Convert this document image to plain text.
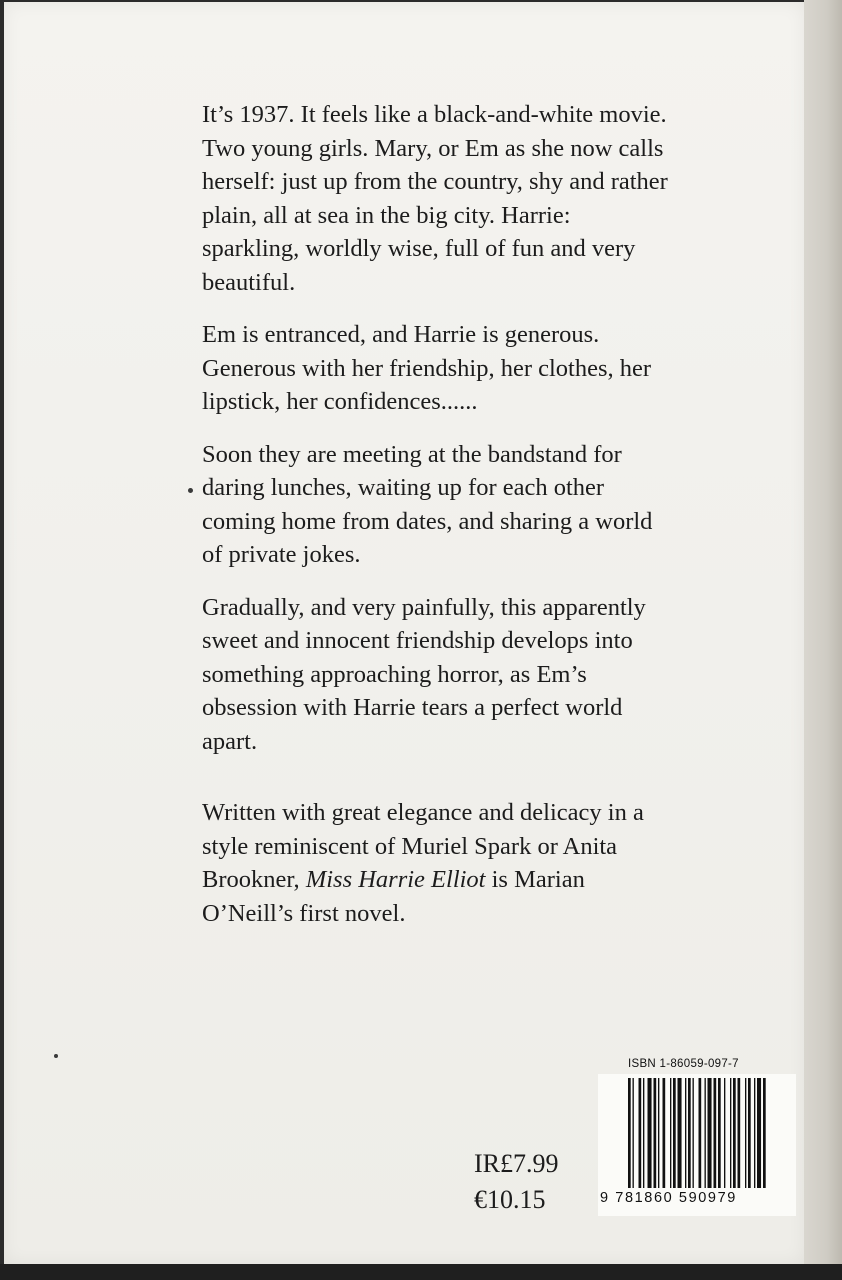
It’s 1937. It feels like a black-and-white movie. Two young girls. Mary, or Em as she now calls herself: just up from the country, shy and rather plain, all at sea in the big city. Harrie: sparkling, worldly wise, full of fun and very beautiful.

Em is entranced, and Harrie is generous. Generous with her friendship, her clothes, her lipstick, her confidences......

Soon they are meeting at the bandstand for daring lunches, waiting up for each other coming home from dates, and sharing a world of private jokes.

Gradually, and very painfully, this apparently sweet and innocent friendship develops into something approaching horror, as Em’s obsession with Harrie tears a perfect world apart.

Written with great elegance and delicacy in a style reminiscent of Muriel Spark or Anita Brookner, Miss Harrie Elliot is Marian O’Neill’s first novel.

IR£7.99
€10.15
ISBN 1-86059-097-7
9 781860 590979
